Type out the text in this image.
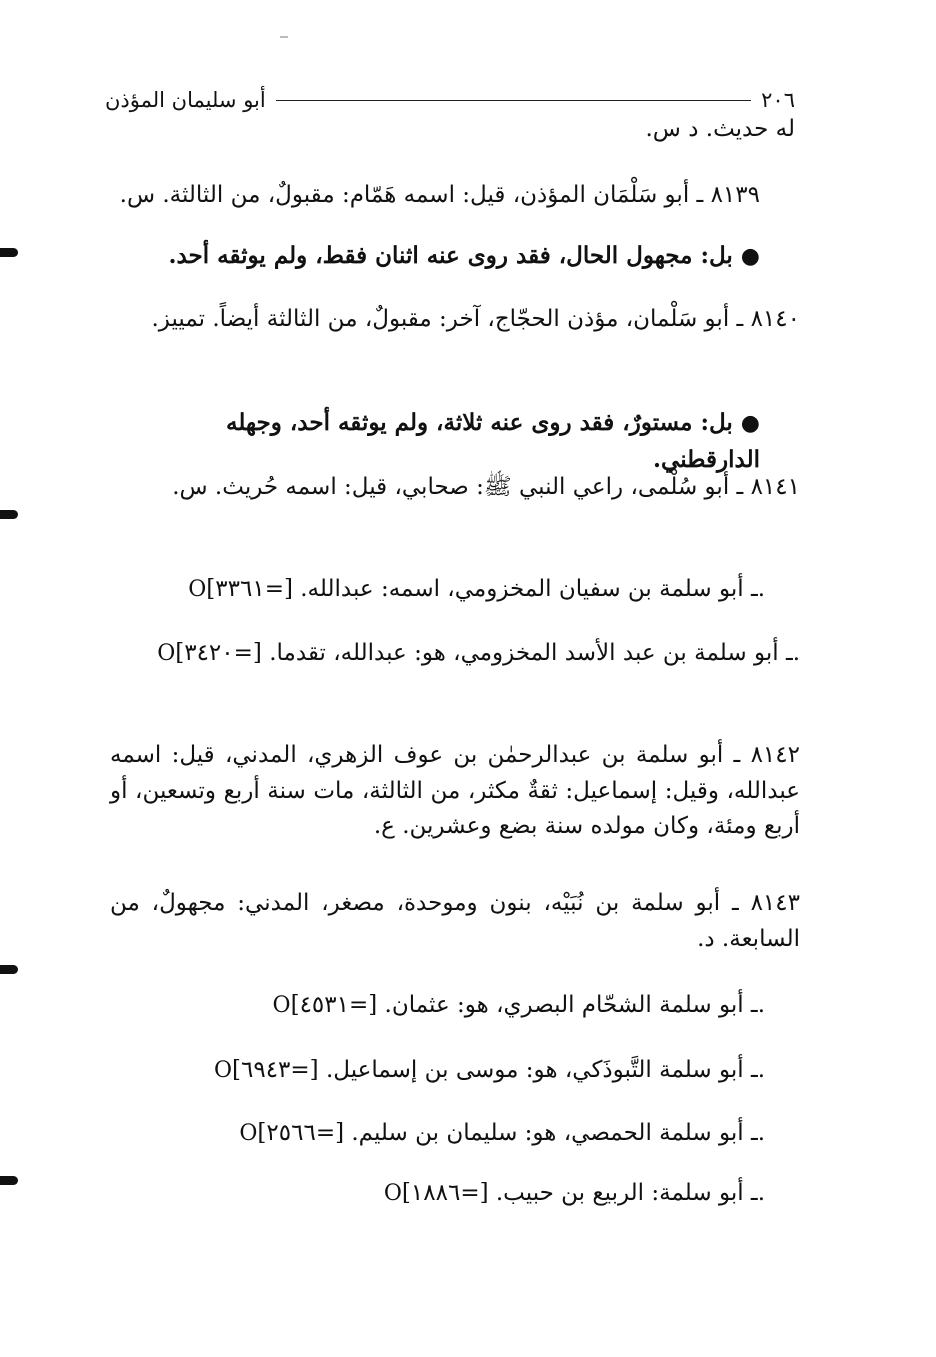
٢٠٦
أبو سليمان المؤذن
له حديث. د س.
٨١٣٩ ـ أبو سَلْمَان المؤذن، قيل: اسمه هَمّام: مقبولٌ، من الثالثة. س.
●بل: مجهول الحال، فقد روى عنه اثنان فقط، ولم يوثقه أحد.
٨١٤٠ ـ أبو سَلْمان، مؤذن الحجّاج، آخر: مقبولٌ، من الثالثة أيضاً. تمييز.
●بل: مستورٌ، فقد روى عنه ثلاثة، ولم يوثقه أحد، وجهله الدارقطني.
٨١٤١ ـ أبو سُلْمى، راعي النبي ﷺ: صحابي، قيل: اسمه حُريث. س.
Oـ أبو سلمة بن سفيان المخزومي، اسمه: عبدالله. [=٣٣٦١].
Oـ أبو سلمة بن عبد الأسد المخزومي، هو: عبدالله، تقدما. [=٣٤٢٠].
٨١٤٢ ـ أبو سلمة بن عبدالرحمٰن بن عوف الزهري، المدني، قيل: اسمه عبدالله، وقيل: إسماعيل: ثقةٌ مكثر، من الثالثة، مات سنة أربع وتسعين، أو أربع ومئة، وكان مولده سنة بضع وعشرين. ع.
٨١٤٣ ـ أبو سلمة بن نُبَيْه، بنون وموحدة، مصغر، المدني: مجهولٌ، من السابعة. د.
Oـ أبو سلمة الشحّام البصري، هو: عثمان. [=٤٥٣١].
Oـ أبو سلمة التَّبوذَكي، هو: موسى بن إسماعيل. [=٦٩٤٣].
Oـ أبو سلمة الحمصي، هو: سليمان بن سليم. [=٢٥٦٦].
Oـ أبو سلمة: الربيع بن حبيب. [=١٨٨٦].
